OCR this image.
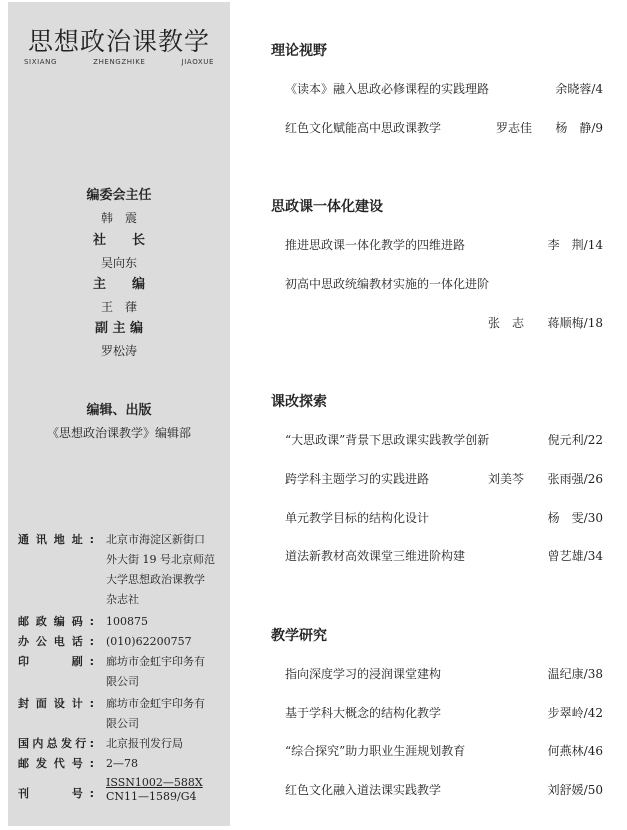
思想政治课教学
SIXIANG	ZHENGZHIKE	JIAOXUE
编委会主任
韩　震
社　　长
吴向东
主　　编
王　葎
副 主 编
罗松涛
编辑、出版
《思想政治课教学》编辑部
通讯地址: 北京市海淀区新街口
外大街 19 号北京师范
大学思想政治课教学
杂志社
邮政编码: 100875
办公电话: (010)62200757
印　　刷: 廊坊市金虹宇印务有
限公司
封面设计: 廊坊市金虹宇印务有
限公司
国内总发行: 北京报刊发行局
邮发代号: 2—78
刊　　号:
ISSN1002—588X
CN11—1589/G4
理论视野
《读本》融入思政必修课程的实践理路	余晓蓉/4
红色文化赋能高中思政课教学	罗志佳 杨　静/9
思政课一体化建设
推进思政课一体化教学的四维进路	李　荆/14
初高中思政统编教材实施的一体化进阶
张　志 蒋顺梅/18
课改探索
“大思政课”背景下思政课实践教学创新	倪元利/22
跨学科主题学习的实践进路	刘美芩 张雨强/26
单元教学目标的结构化设计	杨　雯/30
道法新教材高效课堂三维进阶构建	曾艺雄/34
教学研究
指向深度学习的浸润课堂建构	温纪康/38
基于学科大概念的结构化教学	步翠岭/42
“综合探究”助力职业生涯规划教育	何燕林/46
红色文化融入道法课实践教学	刘舒媛/50
